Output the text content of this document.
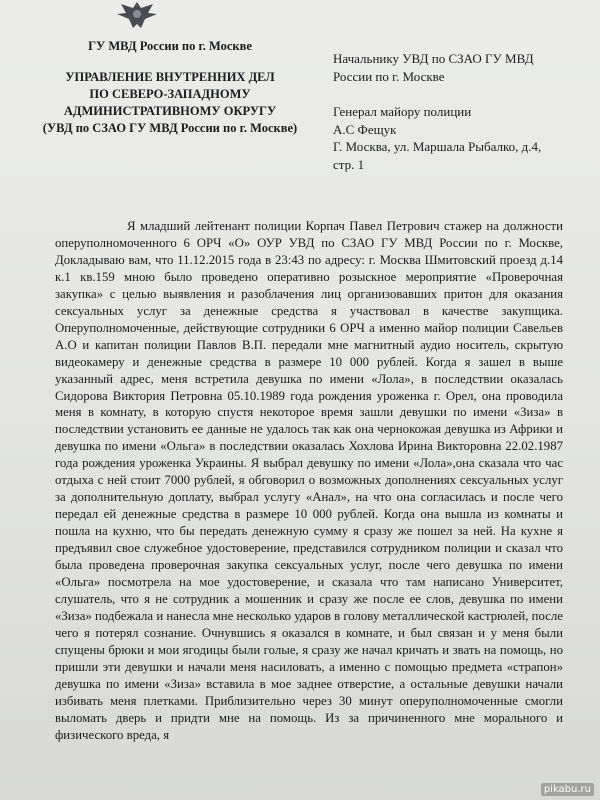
ГУ МВД России по г. Москве
УПРАВЛЕНИЕ ВНУТРЕННИХ ДЕЛ
ПО СЕВЕРО-ЗАПАДНОМУ
АДМИНИСТРАТИВНОМУ ОКРУГУ
(УВД по СЗАО ГУ МВД России по г. Москве)
Начальнику УВД по СЗАО ГУ МВД
России по г. Москве
Генерал майору полиции
А.С Фещук
Г. Москва, ул. Маршала Рыбалко, д.4,
стр. 1

Я младший лейтенант полиции Корпач Павел Петрович стажер на должности оперуполномоченного 6 ОРЧ «О» ОУР УВД по СЗАО ГУ МВД России по г. Москве, Докладываю вам, что 11.12.2015 года в 23:43 по адресу: г. Москва Шмитовский проезд д.14 к.1 кв.159 мною было проведено оперативно розыскное мероприятие «Проверочная закупка» с целью выявления и разоблачения лиц организовавших притон для оказания сексуальных услуг за денежные средства я участвовал в качестве закупщика. Оперуполномоченные, действующие сотрудники 6 ОРЧ а именно майор полиции Савельев А.О и капитан полиции Павлов В.П. передали мне магнитный аудио носитель, скрытую видеокамеру и денежные средства в размере 10 000 рублей. Когда я зашел в выше указанный адрес, меня встретила девушка по имени «Лола», в последствии оказалась Сидорова Виктория Петровна 05.10.1989 года рождения уроженка г. Орел, она проводила меня в комнату, в которую спустя некоторое время зашли девушки по имени «Зиза» в последствии установить ее данные не удалось так как она чернокожая девушка из Африки и девушка по имени «Ольга» в последствии оказалась Хохлова Ирина Викторовна 22.02.1987 года рождения уроженка Украины. Я выбрал девушку по имени «Лола»,она сказала что час отдыха с ней стоит 7000 рублей, я обговорил о возможных дополнениях сексуальных услуг за дополнительную доплату, выбрал услугу «Анал», на что она согласилась и после чего передал ей денежные средства в размере 10 000 рублей. Когда она вышла из комнаты и пошла на кухню, что бы передать денежную сумму я сразу же пошел за ней. На кухне я предъявил свое служебное удостоверение, представился сотрудником полиции и сказал что была проведена проверочная закупка сексуальных услуг, после чего девушка по имени «Ольга» посмотрела на мое удостоверение, и сказала что там написано Университет, слушатель, что я не сотрудник а мошенник и сразу же после ее слов, девушка по имени «Зиза» подбежала и нанесла мне несколько ударов в голову металлической кастрюлей, после чего я потерял сознание. Очнувшись я оказался в комнате, и был связан и у меня были спущены брюки и мои ягодицы были голые, я сразу же начал кричать и звать на помощь, но пришли эти девушки и начали меня насиловать, а именно с помощью предмета «страпон» девушка по имени «Зиза» вставила в мое заднее отверстие, а остальные девушки начали избивать меня плетками. Приблизительно через 30 минут оперуполномоченные смогли выломать дверь и придти мне на помощь. Из за причиненного мне морального и физического вреда, я

pikabu.ru
